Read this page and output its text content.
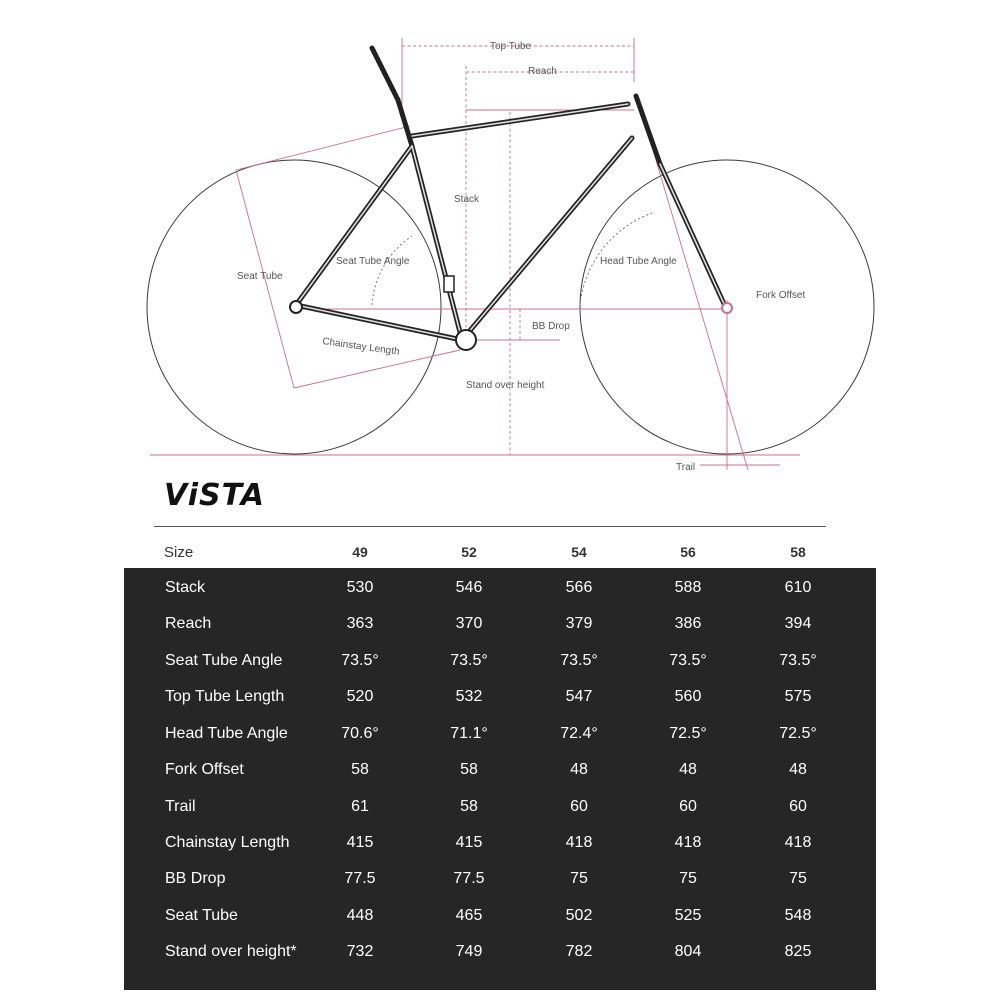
Top Tube
Reach
Stack
Seat Tube
Seat Tube Angle	Head Tube Angle
Fork Offset
BB Drop
Chainstay Length
Stand over height
Trail
ViSTA
Size	49	52	54	56	58
Stack	530	546	566	588	610
Reach	363	370	379	386	394
Seat Tube Angle	73.5°	73.5°	73.5°	73.5°	73.5°
Top Tube Length	520	532	547	560	575
Head Tube Angle	70.6°	71.1°	72.4°	72.5°	72.5°
Fork Offset	58	58	48	48	48
Trail	61	58	60	60	60
Chainstay Length	415	415	418	418	418
BB Drop	77.5	77.5	75	75	75
Seat Tube	448	465	502	525	548
Stand over height*	732	749	782	804	825
